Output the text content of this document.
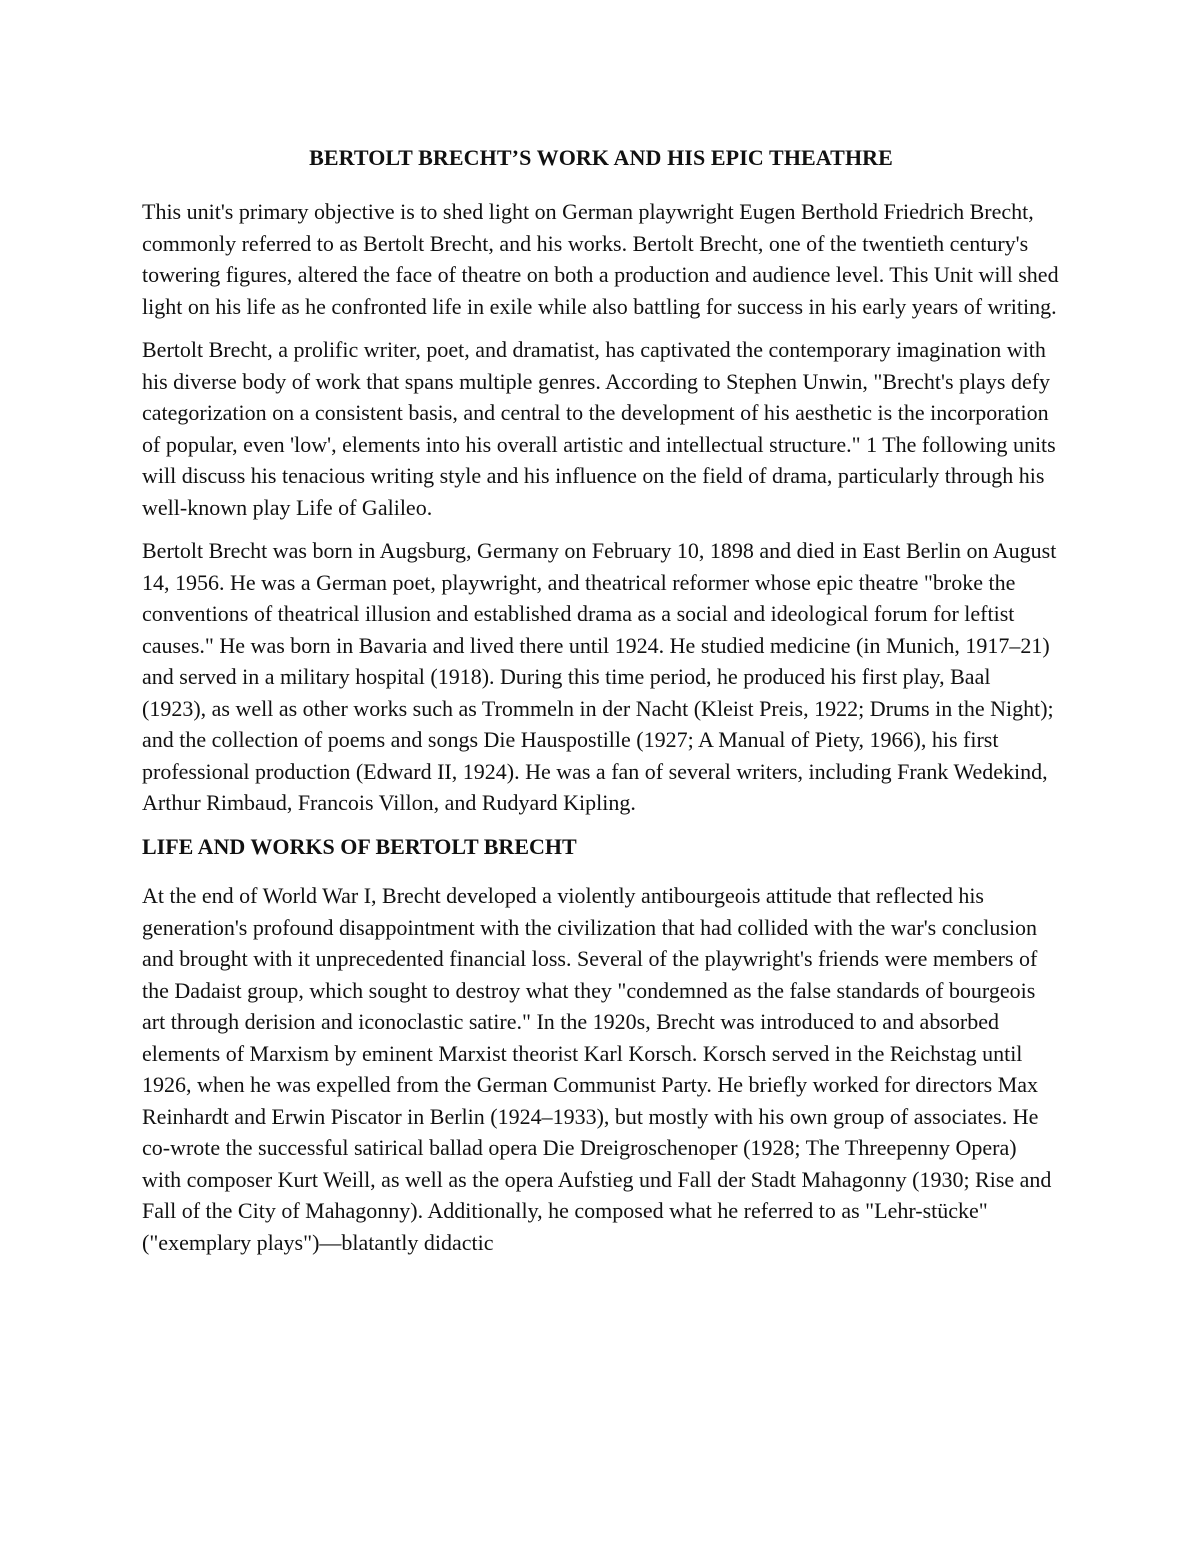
BERTOLT BRECHT’S WORK AND HIS EPIC THEATHRE

This unit's primary objective is to shed light on German playwright Eugen Berthold Friedrich Brecht, commonly referred to as Bertolt Brecht, and his works. Bertolt Brecht, one of the twentieth century's towering figures, altered the face of theatre on both a production and audience level. This Unit will shed light on his life as he confronted life in exile while also battling for success in his early years of writing.

Bertolt Brecht, a prolific writer, poet, and dramatist, has captivated the contemporary imagination with his diverse body of work that spans multiple genres. According to Stephen Unwin, "Brecht's plays defy categorization on a consistent basis, and central to the development of his aesthetic is the incorporation of popular, even 'low', elements into his overall artistic and intellectual structure." 1 The following units will discuss his tenacious writing style and his influence on the field of drama, particularly through his well-known play Life of Galileo.

Bertolt Brecht was born in Augsburg, Germany on February 10, 1898 and died in East Berlin on August 14, 1956. He was a German poet, playwright, and theatrical reformer whose epic theatre "broke the conventions of theatrical illusion and established drama as a social and ideological forum for leftist causes." He was born in Bavaria and lived there until 1924. He studied medicine (in Munich, 1917–21) and served in a military hospital (1918). During this time period, he produced his first play, Baal (1923), as well as other works such as Trommeln in der Nacht (Kleist Preis, 1922; Drums in the Night); and the collection of poems and songs Die Hauspostille (1927; A Manual of Piety, 1966), his first professional production (Edward II, 1924). He was a fan of several writers, including Frank Wedekind, Arthur Rimbaud, Francois Villon, and Rudyard Kipling.

LIFE AND WORKS OF BERTOLT BRECHT

At the end of World War I, Brecht developed a violently antibourgeois attitude that reflected his generation's profound disappointment with the civilization that had collided with the war's conclusion and brought with it unprecedented financial loss. Several of the playwright's friends were members of the Dadaist group, which sought to destroy what they "condemned as the false standards of bourgeois art through derision and iconoclastic satire." In the 1920s, Brecht was introduced to and absorbed elements of Marxism by eminent Marxist theorist Karl Korsch. Korsch served in the Reichstag until 1926, when he was expelled from the German Communist Party. He briefly worked for directors Max Reinhardt and Erwin Piscator in Berlin (1924–1933), but mostly with his own group of associates. He co-wrote the successful satirical ballad opera Die Dreigroschenoper (1928; The Threepenny Opera) with composer Kurt Weill, as well as the opera Aufstieg und Fall der Stadt Mahagonny (1930; Rise and Fall of the City of Mahagonny). Additionally, he composed what he referred to as "Lehr-stücke" ("exemplary plays")—blatantly didactic
